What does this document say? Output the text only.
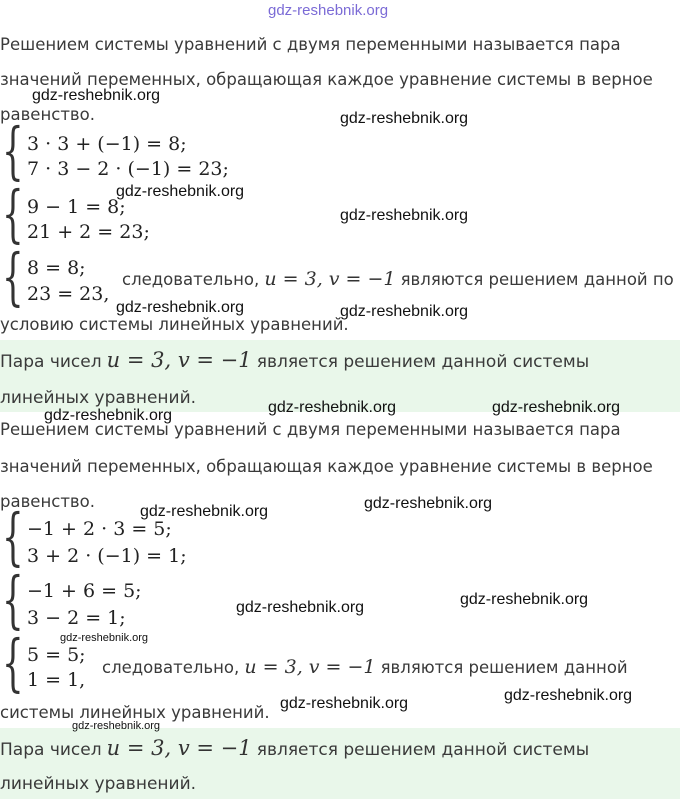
gdz-reshebnik.org
Решением системы уравнений с двумя переменными называется пара
значений переменных, обращающая каждое уравнение системы в верное
равенство.
{ 3 · 3 + (−1) = 8;
7 · 3 − 2 · (−1) = 23;
{ 9 − 1 = 8;
21 + 2 = 23;
{ 8 = 8;
23 = 23,
следовательно, u = 3, v = −1 являются решением данной по
условию системы линейных уравнений.
Пара чисел u = 3, v = −1 является решением данной системы
линейных уравнений.
Решением системы уравнений с двумя переменными называется пара
значений переменных, обращающая каждое уравнение системы в верное
равенство.
{ −1 + 2 · 3 = 5;
3 + 2 · (−1) = 1;
{ −1 + 6 = 5;
3 − 2 = 1;
{ 5 = 5;
1 = 1,
следовательно, u = 3, v = −1 являются решением данной
системы линейных уравнений.
Пара чисел u = 3, v = −1 является решением данной системы
линейных уравнений.
gdz-reshebnik.org
gdz-reshebnik.org
gdz-reshebnik.org
gdz-reshebnik.org
gdz-reshebnik.org	gdz-reshebnik.org
gdz-reshebnik.org	gdz-reshebnik.org	gdz-reshebnik.org
gdz-reshebnik.org	gdz-reshebnik.org
gdz-reshebnik.org	gdz-reshebnik.org
gdz-reshebnik.org
gdz-reshebnik.org	gdz-reshebnik.org
gdz-reshebnik.org
